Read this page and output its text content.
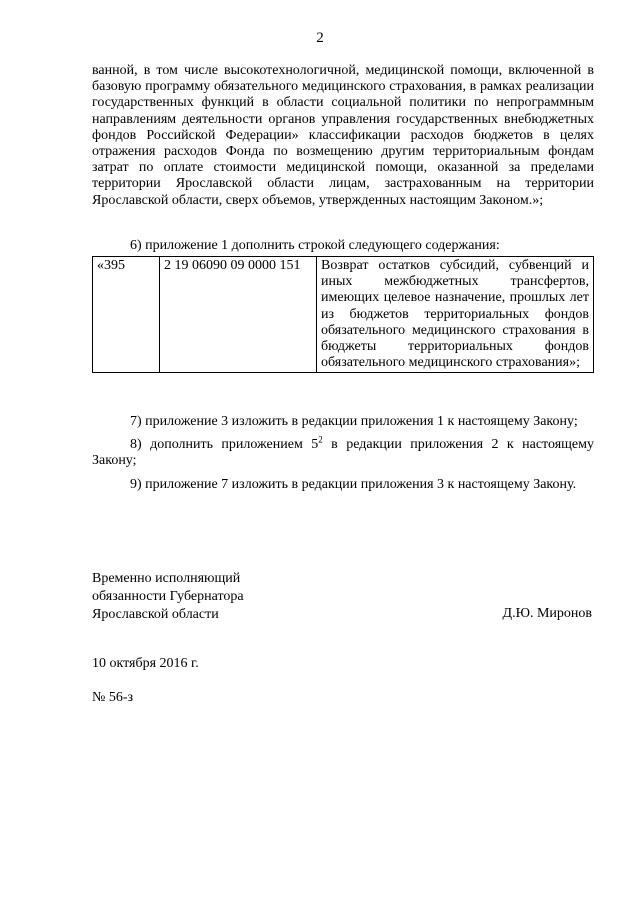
2

ванной, в том числе высокотехнологичной, медицинской помощи, включенной в базовую программу обязательного медицинского страхования, в рамках реализации государственных функций в области социальной политики по непрограммным направлениям деятельности органов управления государственных внебюджетных фондов Российской Федерации» классификации расходов бюджетов в целях отражения расходов Фонда по возмещению другим территориальным фондам затрат по оплате стоимости медицинской помощи, оказанной за пределами территории Ярославской области лицам, застрахованным на территории Ярославской области, сверх объемов, утвержденных настоящим Законом.»;

6) приложение 1 дополнить строкой следующего содержания:

«395	2 19 06090 09 0000 151	Возврат остатков субсидий, субвенций и иных межбюджетных трансфертов, имеющих целевое назначение, прошлых лет из бюджетов территориальных фондов обязательного медицинского страхования в бюджеты территориальных фондов обязательного медицинского страхования»;

7) приложение 3 изложить в редакции приложения 1 к настоящему Закону;

8) дополнить приложением $5^2$ в редакции приложения 2 к настоящему Закону;

9) приложение 7 изложить в редакции приложения 3 к настоящему Закону.

Временно исполняющий
обязанности Губернатора
Ярославской области	Д.Ю. Миронов
10 октября 2016 г.
№ 56-з
